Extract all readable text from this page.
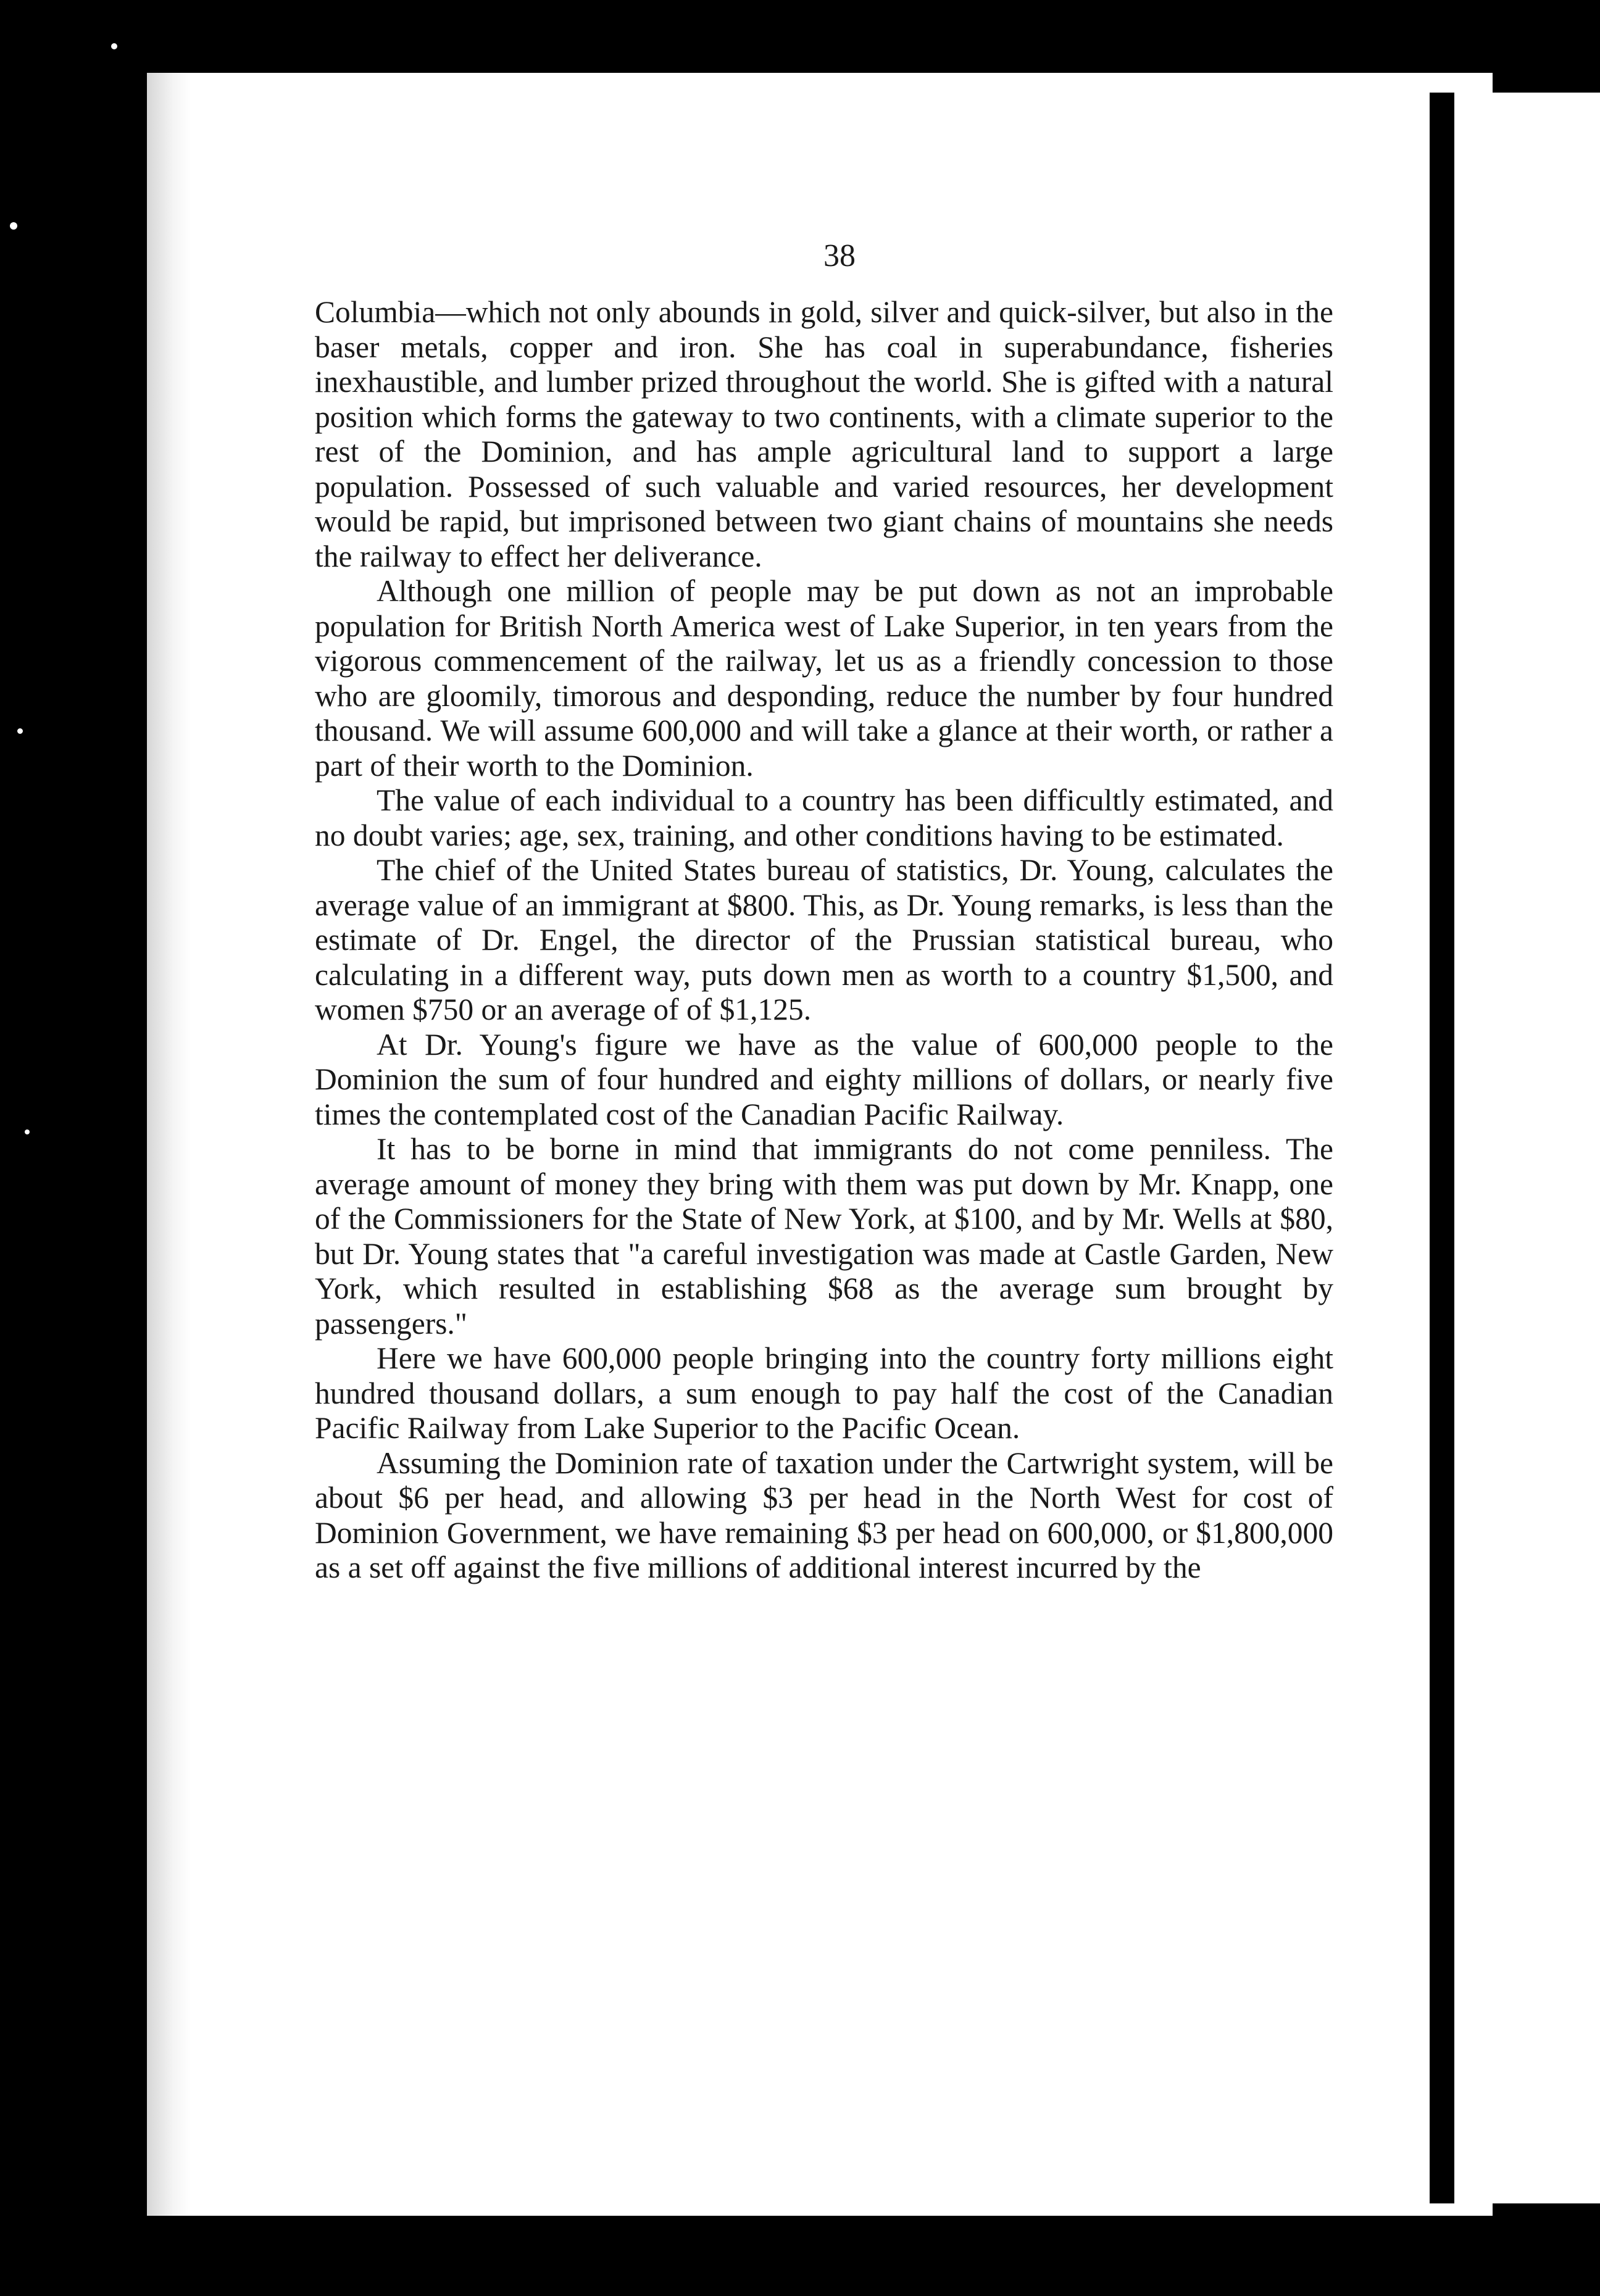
38

Columbia—which not only abounds in gold, silver and quick-silver, but also in the baser metals, copper and iron. She has coal in superabundance, fisheries inexhaustible, and lumber prized throughout the world. She is gifted with a natural position which forms the gateway to two continents, with a climate superior to the rest of the Dominion, and has ample agricultural land to support a large population. Possessed of such valuable and varied resources, her development would be rapid, but imprisoned between two giant chains of mountains she needs the railway to effect her deliverance.

Although one million of people may be put down as not an improbable population for British North America west of Lake Superior, in ten years from the vigorous commencement of the railway, let us as a friendly concession to those who are gloomily, timorous and desponding, reduce the number by four hundred thousand. We will assume 600,000 and will take a glance at their worth, or rather a part of their worth to the Dominion.

The value of each individual to a country has been difficultly estimated, and no doubt varies; age, sex, training, and other conditions having to be estimated.

The chief of the United States bureau of statistics, Dr. Young, calculates the average value of an immigrant at $800. This, as Dr. Young remarks, is less than the estimate of Dr. Engel, the director of the Prussian statistical bureau, who calculating in a different way, puts down men as worth to a country $1,500, and women $750 or an average of of $1,125.

At Dr. Young's figure we have as the value of 600,000 people to the Dominion the sum of four hundred and eighty millions of dollars, or nearly five times the contemplated cost of the Canadian Pacific Railway.

It has to be borne in mind that immigrants do not come penniless. The average amount of money they bring with them was put down by Mr. Knapp, one of the Commissioners for the State of New York, at $100, and by Mr. Wells at $80, but Dr. Young states that "a careful investigation was made at Castle Garden, New York, which resulted in establishing $68 as the average sum brought by passengers."

Here we have 600,000 people bringing into the country forty millions eight hundred thousand dollars, a sum enough to pay half the cost of the Canadian Pacific Railway from Lake Superior to the Pacific Ocean.

Assuming the Dominion rate of taxation under the Cartwright system, will be about $6 per head, and allowing $3 per head in the North West for cost of Dominion Government, we have remaining $3 per head on 600,000, or $1,800,000 as a set off against the five millions of additional interest incurred by the
